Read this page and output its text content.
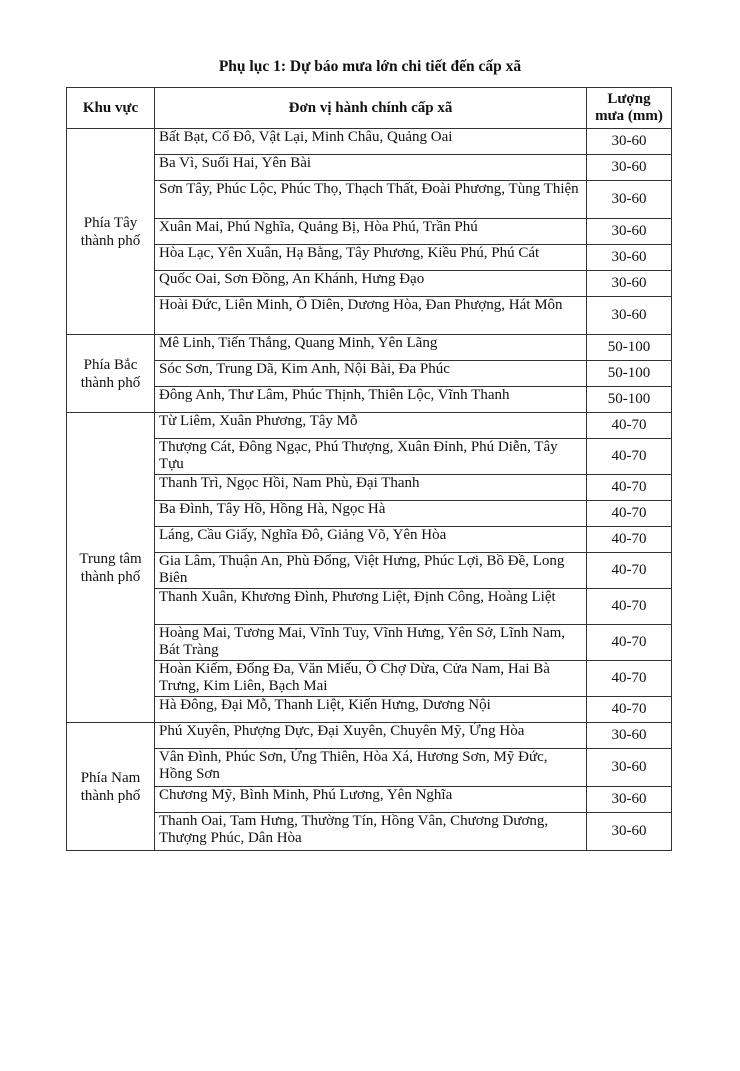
Phụ lục 1: Dự báo mưa lớn chi tiết đến cấp xã
Khu vực	Đơn vị hành chính cấp xã	Lượng
mưa (mm)
Phía Tây
thành phố	Bất Bạt, Cổ Đô, Vật Lại, Minh Châu, Quảng Oai	30-60
	Ba Vì, Suối Hai, Yên Bài	30-60
	Sơn Tây, Phúc Lộc, Phúc Thọ, Thạch Thất, Đoài Phương, Tùng Thiện	30-60
	Xuân Mai, Phú Nghĩa, Quảng Bị, Hòa Phú, Trần Phú	30-60
	Hòa Lạc, Yên Xuân, Hạ Bằng, Tây Phương, Kiều Phú, Phú Cát	30-60
	Quốc Oai, Sơn Đồng, An Khánh, Hưng Đạo	30-60
	Hoài Đức, Liên Minh, Ô Diên, Dương Hòa, Đan Phượng, Hát Môn	30-60
Phía Bắc
thành phố	Mê Linh, Tiến Thắng, Quang Minh, Yên Lãng	50-100
	Sóc Sơn, Trung Dã, Kim Anh, Nội Bài, Đa Phúc	50-100
	Đông Anh, Thư Lâm, Phúc Thịnh, Thiên Lộc, Vĩnh Thanh	50-100
Trung tâm
thành phố	Từ Liêm, Xuân Phương, Tây Mỗ	40-70
	Thượng Cát, Đông Ngạc, Phú Thượng, Xuân Đỉnh, Phú Diễn, Tây Tựu	40-70
	Thanh Trì, Ngọc Hồi, Nam Phù, Đại Thanh	40-70
	Ba Đình, Tây Hồ, Hồng Hà, Ngọc Hà	40-70
	Láng, Cầu Giấy, Nghĩa Đô, Giảng Võ, Yên Hòa	40-70
	Gia Lâm, Thuận An, Phù Đổng, Việt Hưng, Phúc Lợi, Bồ Đề, Long Biên	40-70
	Thanh Xuân, Khương Đình, Phương Liệt, Định Công, Hoàng Liệt	40-70
	Hoàng Mai, Tương Mai, Vĩnh Tuy, Vĩnh Hưng, Yên Sở, Lĩnh Nam, Bát Tràng	40-70
	Hoàn Kiếm, Đống Đa, Văn Miếu, Ô Chợ Dừa, Cửa Nam, Hai Bà Trưng, Kim Liên, Bạch Mai	40-70
	Hà Đông, Đại Mỗ, Thanh Liệt, Kiến Hưng, Dương Nội	40-70
Phía Nam
thành phố	Phú Xuyên, Phượng Dực, Đại Xuyên, Chuyên Mỹ, Ứng Hòa	30-60
	Vân Đình, Phúc Sơn, Ứng Thiên, Hòa Xá, Hương Sơn, Mỹ Đức, Hồng Sơn	30-60
	Chương Mỹ, Bình Minh, Phú Lương, Yên Nghĩa	30-60
	Thanh Oai, Tam Hưng, Thường Tín, Hồng Vân, Chương Dương, Thượng Phúc, Dân Hòa	30-60
